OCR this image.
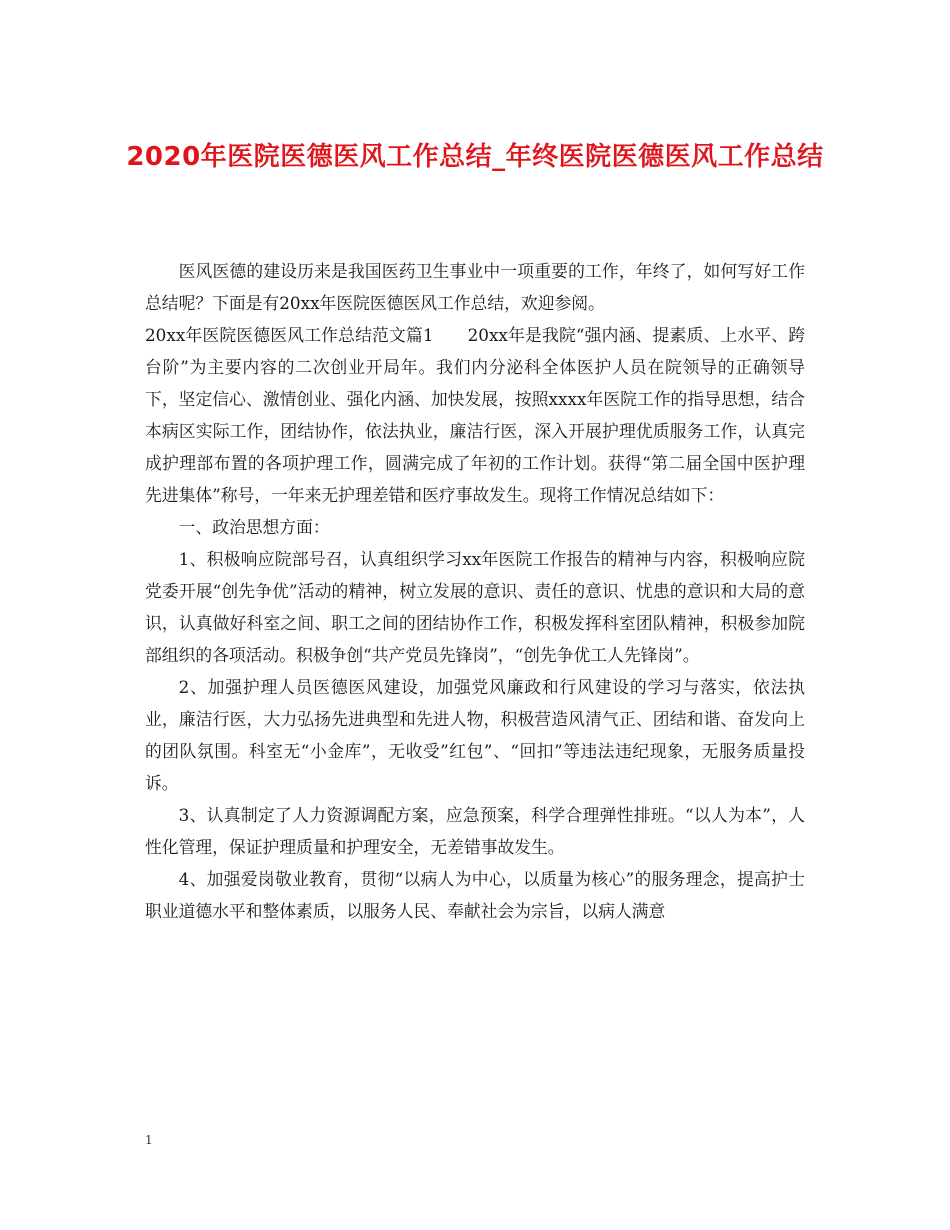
2020年医院医德医风工作总结_年终医院医德医风工作总结

医风医德的建设历来是我国医药卫生事业中一项重要的工作，年终了，如何写好工作总结呢？下面是有20xx年医院医德医风工作总结，欢迎参阅。

20xx年医院医德医风工作总结范文篇1 20xx年是我院“强内涵、提素质、上水平、跨台阶”为主要内容的二次创业开局年。我们内分泌科全体医护人员在院领导的正确领导下，坚定信心、激情创业、强化内涵、加快发展，按照xxxx年医院工作的指导思想，结合本病区实际工作，团结协作，依法执业，廉洁行医，深入开展护理优质服务工作，认真完成护理部布置的各项护理工作，圆满完成了年初的工作计划。获得“第二届全国中医护理先进集体”称号，一年来无护理差错和医疗事故发生。现将工作情况总结如下：

一、政治思想方面：

1、积极响应院部号召，认真组织学习xx年医院工作报告的精神与内容，积极响应院党委开展“创先争优”活动的精神，树立发展的意识、责任的意识、忧患的意识和大局的意识，认真做好科室之间、职工之间的团结协作工作，积极发挥科室团队精神，积极参加院部组织的各项活动。积极争创“共产党员先锋岗”，“创先争优工人先锋岗”。

2、加强护理人员医德医风建设，加强党风廉政和行风建设的学习与落实，依法执业，廉洁行医，大力弘扬先进典型和先进人物，积极营造风清气正、团结和谐、奋发向上的团队氛围。科室无“小金库”，无收受”红包”、“回扣”等违法违纪现象，无服务质量投诉。

3、认真制定了人力资源调配方案，应急预案，科学合理弹性排班。“以人为本”，人性化管理，保证护理质量和护理安全，无差错事故发生。

4、加强爱岗敬业教育，贯彻“以病人为中心，以质量为核心”的服务理念，提高护士职业道德水平和整体素质，以服务人民、奉献社会为宗旨，以病人满意

1
